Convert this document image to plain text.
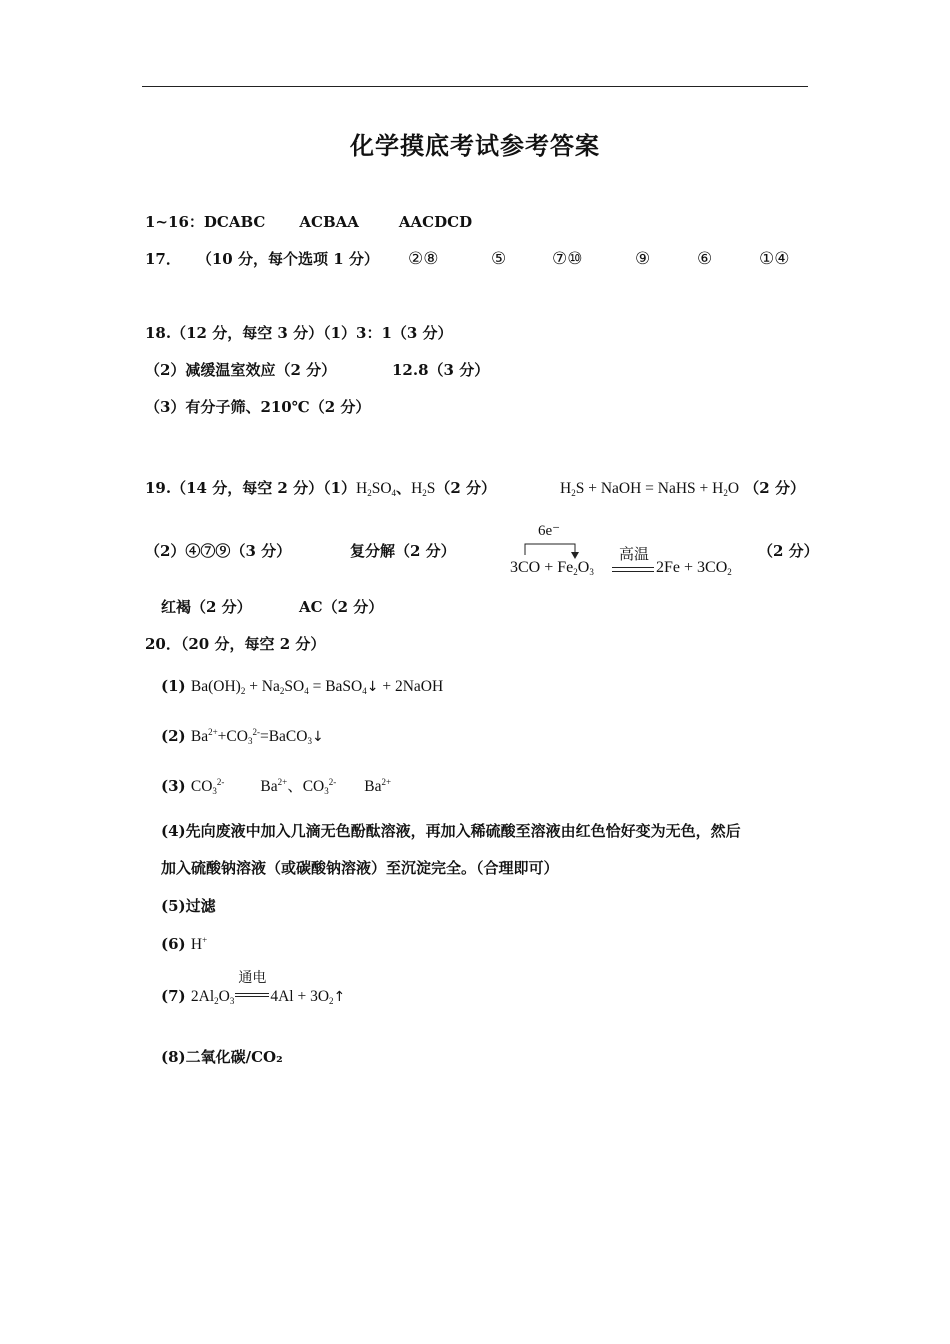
化学摸底考试参考答案
1~16：DCABC ACBAA	AACDCD
17． （10 分，每个选项 1 分） ②⑧	⑤	⑦⑩	⑨	⑥	①④
18.（12 分，每空 3 分）（1）3：1（3 分）
（2）减缓温室效应（2 分）	12.8（3 分）
（3）有分子筛、210℃（2 分）
19.（14 分，每空 2 分）$(1)H_2SO_4$、$H_2S(2$ 分）	$H_2S$ + NaOH = NaHS + $H_2O$ （2 分）
（2）④⑦⑨（3 分）	复分解（2 分）
6e⁻
$3CO + Fe_2O_3$
高温
$2Fe + 3CO_2$
（2 分）
红褐（2 分）	AC（2 分）
20．（20 分，每空 2 分）
(1) $Ba(OH)_2 + Na_2SO_4$ = BaSO$_4$↓ + 2NaOH
(2) $Ba^{2+}+CO_3^{2-}=BaCO_3↓$
(3) $CO_3^{2-}$ $Ba^{2+}$、$CO_3^{2-}$ $Ba^{2+}$
(4)先向废液中加入几滴无色酚酞溶液，再加入稀硫酸至溶液由红色恰好变为无色，然后
加入硫酸钠溶液（或碳酸钠溶液）至沉淀完全。（合理即可）
(5)过滤
(6) H+
(7) $2Al_2O_3$
通电
$4Al + 3O_2↑$
(8)二氧化碳/CO₂
